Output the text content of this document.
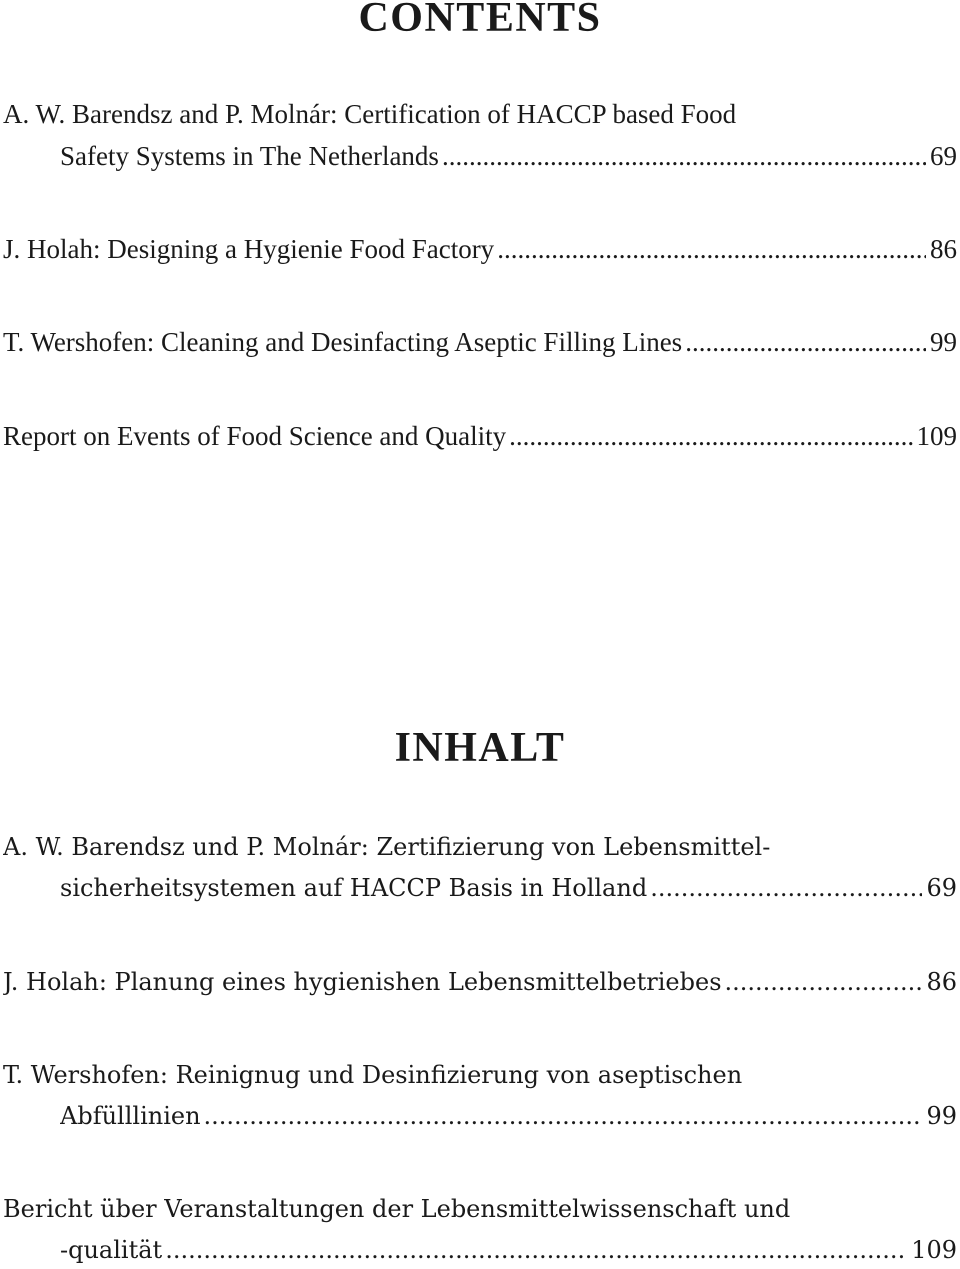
CONTENTS
A. W. Barendsz and P. Molnár: Certification of HACCP based Food
Safety Systems in The Netherlands .....	69
J. Holah: Designing a Hygienie Food Factory .....	86
T. Wershofen: Cleaning and Desinfacting Aseptic Filling Lines .....	99
Report on Events of Food Science and Quality .....	109
INHALT
A. W. Barendsz und P. Molnár: Zertifizierung von Lebensmittel-
sicherheitsystemen auf HACCP Basis in Holland .....	69
J. Holah: Planung eines hygienishen Lebensmittelbetriebes .....	86
T. Wershofen: Reinignug und Desinfizierung von aseptischen
Abfülllinien .....	99
Bericht über Veranstaltungen der Lebensmittelwissenschaft und
-qualität .....	109
